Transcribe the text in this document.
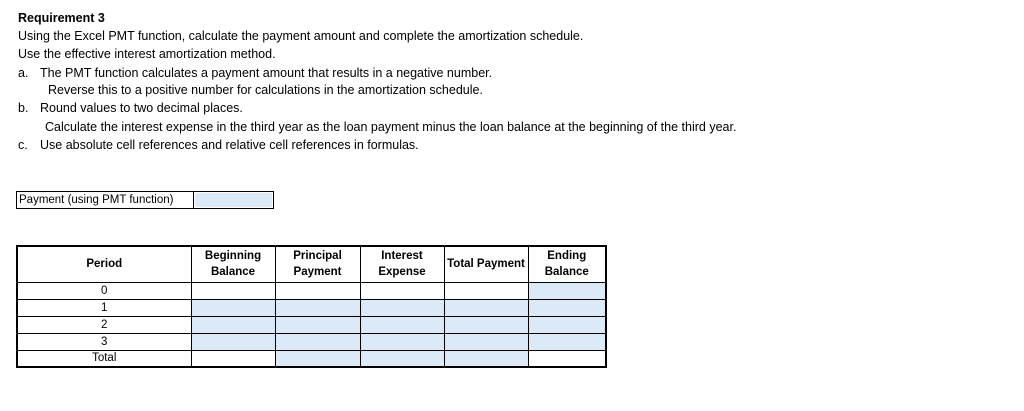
Requirement 3
Using the Excel PMT function, calculate the payment amount and complete the amortization schedule.
Use the effective interest amortization method.
a. The PMT function calculates a payment amount that results in a negative number.
Reverse this to a positive number for calculations in the amortization schedule.
b. Round values to two decimal places.
Calculate the interest expense in the third year as the loan payment minus the loan balance at the beginning of the third year.
c. Use absolute cell references and relative cell references in formulas.
Payment (using PMT function)
Period	Beginning Balance	Principal Payment	Interest Expense	Total Payment	Ending Balance
0					
1					
2					
3					
Total					
